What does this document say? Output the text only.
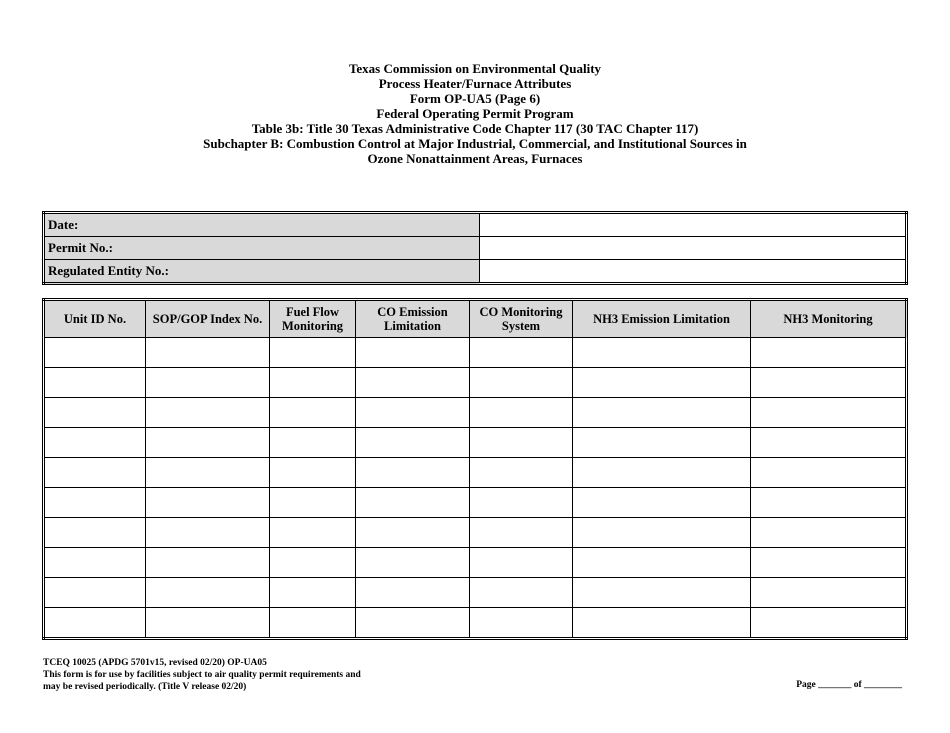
Texas Commission on Environmental Quality
Process Heater/Furnace Attributes
Form OP-UA5 (Page 6)
Federal Operating Permit Program
Table 3b: Title 30 Texas Administrative Code Chapter 117 (30 TAC Chapter 117)
Subchapter B: Combustion Control at Major Industrial, Commercial, and Institutional Sources in
Ozone Nonattainment Areas, Furnaces
Date:	
Permit No.:	
Regulated Entity No.:	
Unit ID No.	SOP/GOP Index No.	Fuel Flow Monitoring	CO Emission Limitation	CO Monitoring System	NH3 Emission Limitation	NH3 Monitoring

TCEQ 10025 (APDG 5701v15, revised 02/20) OP-UA05
This form is for use by facilities subject to air quality permit requirements and
may be revised periodically. (Title V release 02/20)	Page _______ of ________
